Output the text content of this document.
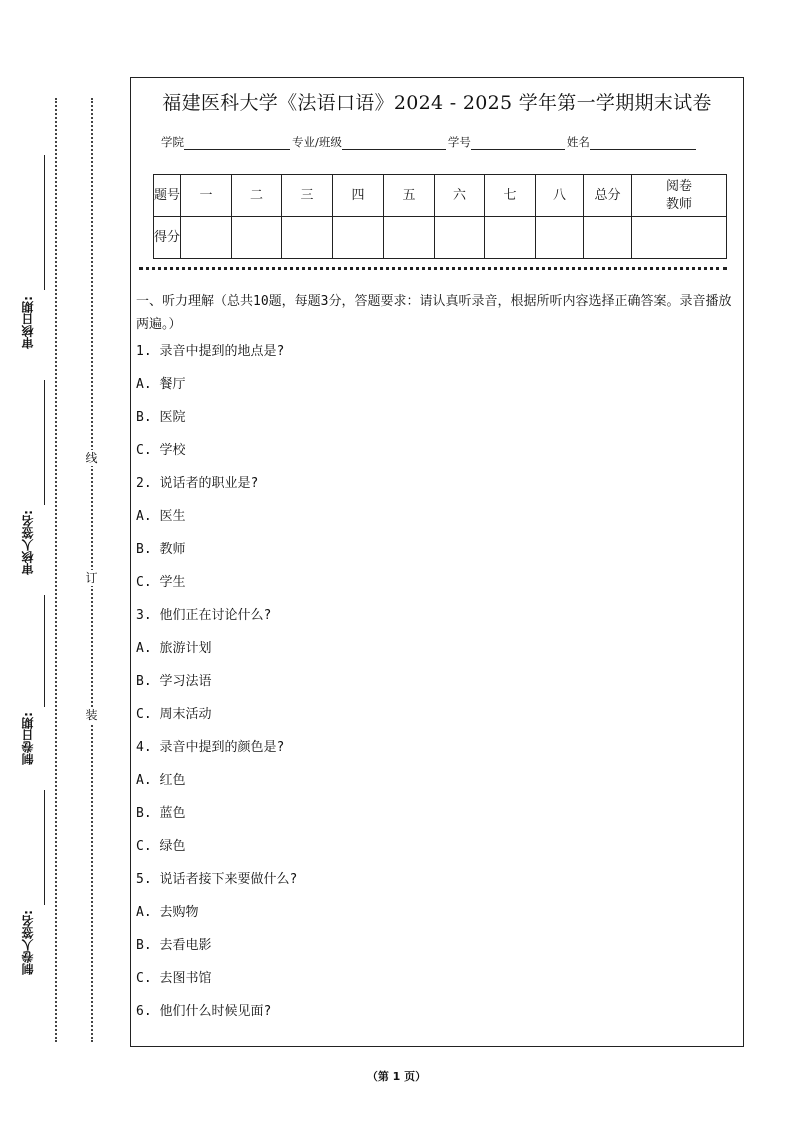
审核日期:
审核人签名:
制卷日期:
制卷人签名:
线
订
装
福建医科大学《法语口语》2024 - 2025 学年第一学期期末试卷
学院	专业/班级	学号	姓名
题号	一	二	三	四	五	六	七	八	总分	阅卷教师
得分										
一、听力理解（总共10题，每题3分，答题要求：请认真听录音，根据所听内容选择正确答案。录音播放两遍。）
1. 录音中提到的地点是?
A. 餐厅
B. 医院
C. 学校
2. 说话者的职业是?
A. 医生
B. 教师
C. 学生
3. 他们正在讨论什么?
A. 旅游计划
B. 学习法语
C. 周末活动
4. 录音中提到的颜色是?
A. 红色
B. 蓝色
C. 绿色
5. 说话者接下来要做什么?
A. 去购物
B. 去看电影
C. 去图书馆
6. 他们什么时候见面?
（第 1 页）
